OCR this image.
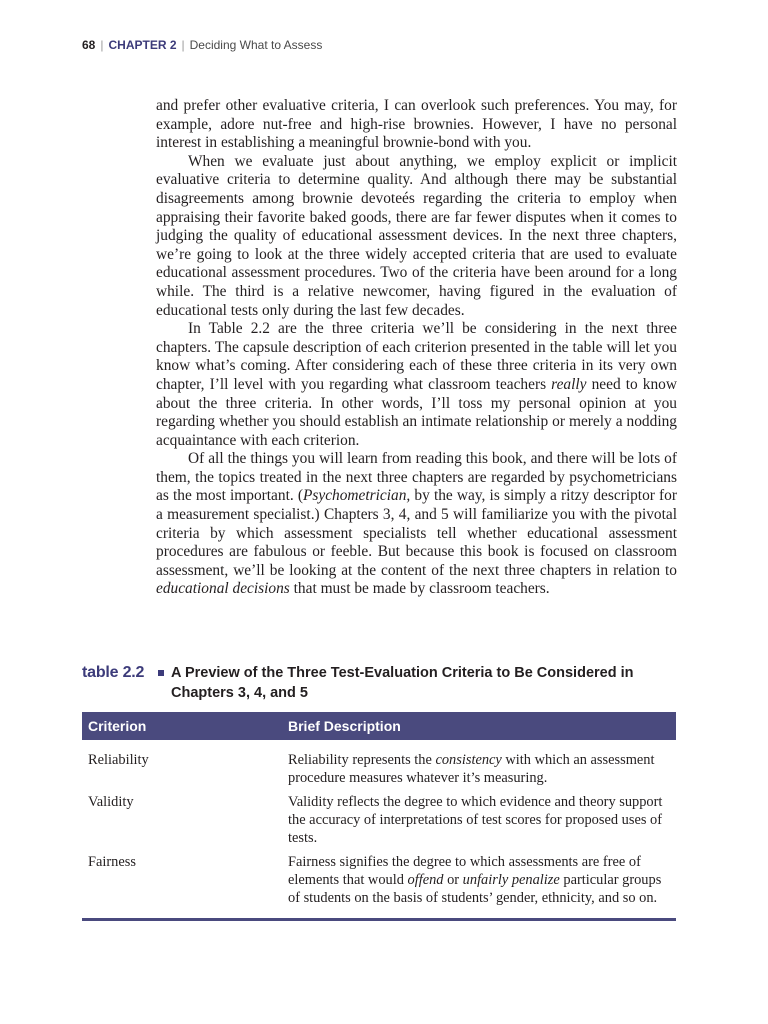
68 | CHAPTER 2 | Deciding What to Assess

and prefer other evaluative criteria, I can overlook such preferences. You may, for example, adore nut-free and high-rise brownies. However, I have no personal interest in establishing a meaningful brownie-bond with you.

When we evaluate just about anything, we employ explicit or implicit evaluative criteria to determine quality. And although there may be substantial disagreements among brownie devoteés regarding the criteria to employ when appraising their favorite baked goods, there are far fewer disputes when it comes to judging the quality of educational assessment devices. In the next three chapters, we’re going to look at the three widely accepted criteria that are used to evaluate educational assessment procedures. Two of the criteria have been around for a long while. The third is a relative newcomer, having figured in the evaluation of educational tests only during the last few decades.

In Table 2.2 are the three criteria we’ll be considering in the next three chapters. The capsule description of each criterion presented in the table will let you know what’s coming. After considering each of these three criteria in its very own chapter, I’ll level with you regarding what classroom teachers really need to know about the three criteria. In other words, I’ll toss my personal opinion at you regarding whether you should establish an intimate relationship or merely a nodding acquaintance with each criterion.

Of all the things you will learn from reading this book, and there will be lots of them, the topics treated in the next three chapters are regarded by psychometricians as the most important. (Psychometrician, by the way, is simply a ritzy descriptor for a measurement specialist.) Chapters 3, 4, and 5 will familiarize you with the pivotal criteria by which assessment specialists tell whether educational assessment procedures are fabulous or feeble. But because this book is focused on classroom assessment, we’ll be looking at the content of the next three chapters in relation to educational decisions that must be made by classroom teachers.

table 2.2 A Preview of the Three Test-Evaluation Criteria to Be Considered in Chapters 3, 4, and 5
Criterion	Brief Description
Reliability	Reliability represents the consistency with which an assessment procedure measures whatever it’s measuring.
Validity	Validity reflects the degree to which evidence and theory support the accuracy of interpretations of test scores for proposed uses of tests.
Fairness	Fairness signifies the degree to which assessments are free of elements that would offend or unfairly penalize particular groups of students on the basis of students’ gender, ethnicity, and so on.
